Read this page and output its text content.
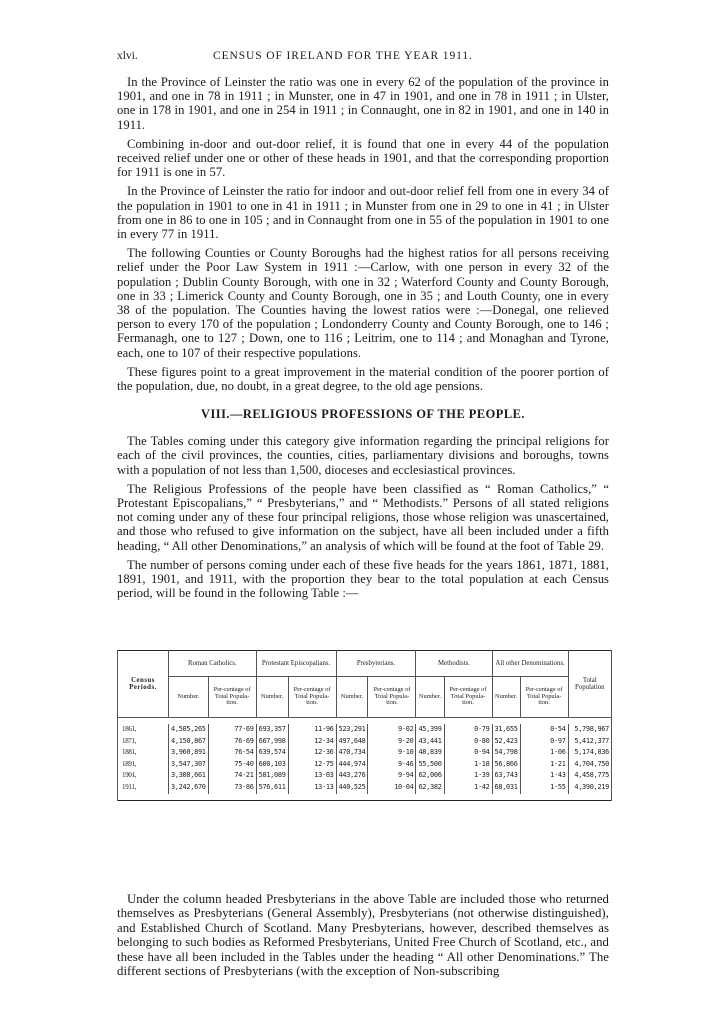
xlvi.	CENSUS OF IRELAND FOR THE YEAR 1911.

In the Province of Leinster the ratio was one in every 62 of the population of the province in 1901, and one in 78 in 1911 ; in Munster, one in 47 in 1901, and one in 78 in 1911 ; in Ulster, one in 178 in 1901, and one in 254 in 1911 ; in Connaught, one in 82 in 1901, and one in 140 in 1911.

Combining in-door and out-door relief, it is found that one in every 44 of the population received relief under one or other of these heads in 1901, and that the corresponding proportion for 1911 is one in 57.

In the Province of Leinster the ratio for indoor and out-door relief fell from one in every 34 of the population in 1901 to one in 41 in 1911 ; in Munster from one in 29 to one in 41 ; in Ulster from one in 86 to one in 105 ; and in Connaught from one in 55 of the population in 1901 to one in every 77 in 1911.

The following Counties or County Boroughs had the highest ratios for all persons receiving relief under the Poor Law System in 1911 :—Carlow, with one person in every 32 of the population ; Dublin County Borough, with one in 32 ; Waterford County and County Borough, one in 33 ; Limerick County and County Borough, one in 35 ; and Louth County, one in every 38 of the population. The Counties having the lowest ratios were :—Donegal, one relieved person to every 170 of the population ; Londonderry County and County Borough, one to 146 ; Fermanagh, one to 127 ; Down, one to 116 ; Leitrim, one to 114 ; and Monaghan and Tyrone, each, one to 107 of their respective populations.

These figures point to a great improvement in the material condition of the poorer portion of the population, due, no doubt, in a great degree, to the old age pensions.

VIII.—RELIGIOUS PROFESSIONS OF THE PEOPLE.

The Tables coming under this category give information regarding the principal religions for each of the civil provinces, the counties, cities, parliamentary divisions and boroughs, towns with a population of not less than 1,500, dioceses and ecclesiastical provinces.

The Religious Professions of the people have been classified as “ Roman Catholics,” “ Protestant Episcopalians,” “ Presbyterians,” and “ Methodists.” Persons of all stated religions not coming under any of these four principal religions, those whose religion was unascertained, and those who refused to give information on the subject, have all been included under a fifth heading, “ All other Denominations,” an analysis of which will be found at the foot of Table 29.

The number of persons coming under each of these five heads for the years 1861, 1871, 1881, 1891, 1901, and 1911, with the proportion they bear to the total population at each Census period, will be found in the following Table :—

Census Periods.	Roman Catholics.		Protestant Episcopalians.		Presbyterians.		Methodists.		All other Denominations.		Total Population
	Number.	Per-centage of Total Popula-tion.	Number.	Per-centage of Total Popula-tion.	Number.	Per-centage of Total Popula-tion.	Number.	Per-centage of Total Popula-tion.	Number.	Per-centage of Total Popula-tion.	

1861,	4,505,265	77·69	693,357	11·96	523,291	9·02	45,399	0·79	31,655	0·54	5,798,967
1871,	4,150,867	76·69	667,998	12·34	497,648	9·20	43,441	0·80	52,423	0·97	5,412,377
1881,	3,960,891	76·54	639,574	12·36	470,734	9·10	48,839	0·94	54,798	1·06	5,174,836
1891,	3,547,307	75·40	600,103	12·75	444,974	9·46	55,500	1·18	56,866	1·21	4,704,750
1901,	3,308,661	74·21	581,089	13·03	443,276	9·94	62,006	1·39	63,743	1·43	4,458,775
1911,	3,242,670	73·86	576,611	13·13	440,525	10·04	62,382	1·42	68,031	1·55	4,390,219

Under the column headed Presbyterians in the above Table are included those who returned themselves as Presbyterians (General Assembly), Presbyterians (not otherwise distinguished), and Established Church of Scotland. Many Presbyterians, however, described themselves as belonging to such bodies as Reformed Presbyterians, United Free Church of Scotland, etc., and these have all been included in the Tables under the heading “ All other Denominations.” The different sections of Presbyterians (with the exception of Non-subscribing
